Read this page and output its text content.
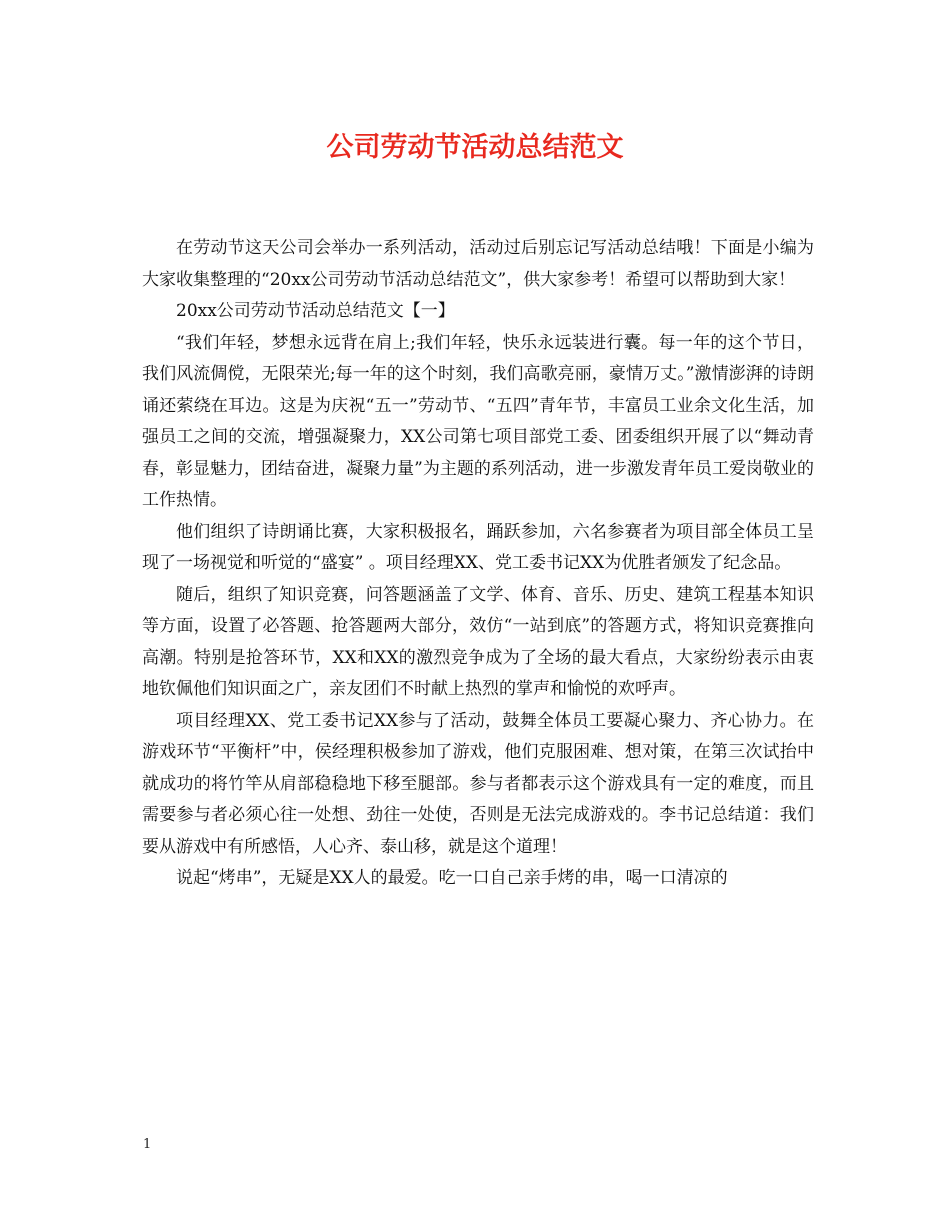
公司劳动节活动总结范文

在劳动节这天公司会举办一系列活动，活动过后别忘记写活动总结哦！下面是小编为大家收集整理的“20xx公司劳动节活动总结范文”，供大家参考！希望可以帮助到大家！

20xx公司劳动节活动总结范文【一】

“我们年轻，梦想永远背在肩上;我们年轻，快乐永远装进行囊。每一年的这个节日，我们风流倜傥，无限荣光;每一年的这个时刻，我们高歌亮丽，豪情万丈。”激情澎湃的诗朗诵还萦绕在耳边。这是为庆祝“五一”劳动节、“五四”青年节，丰富员工业余文化生活，加强员工之间的交流，增强凝聚力，XX公司第七项目部党工委、团委组织开展了以“舞动青春，彰显魅力，团结奋进，凝聚力量”为主题的系列活动，进一步激发青年员工爱岗敬业的工作热情。

他们组织了诗朗诵比赛，大家积极报名，踊跃参加，六名参赛者为项目部全体员工呈现了一场视觉和听觉的“盛宴” 。项目经理XX、党工委书记XX为优胜者颁发了纪念品。

随后，组织了知识竞赛，问答题涵盖了文学、体育、音乐、历史、建筑工程基本知识等方面，设置了必答题、抢答题两大部分，效仿“一站到底”的答题方式，将知识竞赛推向高潮。特别是抢答环节，XX和XX的激烈竞争成为了全场的最大看点，大家纷纷表示由衷地钦佩他们知识面之广，亲友团们不时献上热烈的掌声和愉悦的欢呼声。

项目经理XX、党工委书记XX参与了活动，鼓舞全体员工要凝心聚力、齐心协力。在游戏环节“平衡杆”中，侯经理积极参加了游戏，他们克服困难、想对策，在第三次试抬中就成功的将竹竿从肩部稳稳地下移至腿部。参与者都表示这个游戏具有一定的难度，而且需要参与者必须心往一处想、劲往一处使，否则是无法完成游戏的。李书记总结道：我们要从游戏中有所感悟，人心齐、泰山移，就是这个道理！

说起“烤串”，无疑是XX人的最爱。吃一口自己亲手烤的串，喝一口清凉的

1
